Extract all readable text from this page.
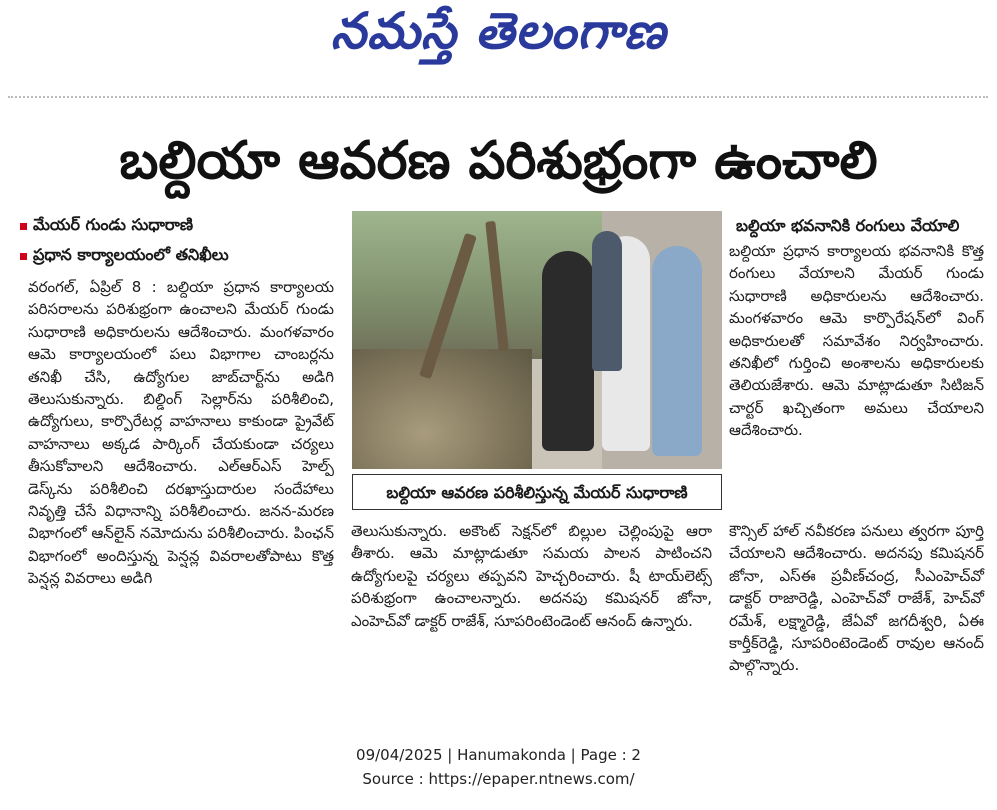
నమస్తే తెలంగాణ
బల్దియా ఆవరణ పరిశుభ్రంగా ఉంచాలి
మేయర్ గుండు సుధారాణి
ప్రధాన కార్యాలయంలో తనిఖీలు

వరంగల్, ఏప్రిల్ 8 : బల్దియా ప్రధాన కార్యాలయ పరిసరాలను పరిశుభ్రంగా ఉంచాలని మేయర్ గుండు సుధారాణి అధికారులను ఆదేశించారు. మంగళవారం ఆమె కార్యాలయంలో పలు విభాగాల చాంబర్లను తనిఖీ చేసి, ఉద్యోగుల జాబ్‌చార్ట్‌ను అడిగి తెలుసుకున్నారు. బిల్డింగ్ సెల్లార్‌ను పరిశీలించి, ఉద్యోగులు, కార్పొరేటర్ల వాహనాలు కాకుండా ప్రైవేట్ వాహనాలు అక్కడ పార్కింగ్ చేయకుండా చర్యలు తీసుకోవాలని ఆదేశించారు. ఎల్ఆర్ఎస్ హెల్ప్ డెస్క్‌ను పరిశీలించి దరఖాస్తుదారుల సందేహాలు నివృత్తి చేసే విధానాన్ని పరిశీలించారు. జనన-మరణ విభాగంలో ఆన్‌లైన్ నమోదును పరిశీలించారు. పింఛన్ విభాగంలో అందిస్తున్న పెన్షన్ల వివరాలతోపాటు కొత్త పెన్షన్ల వివరాలు అడిగి

బల్దియా ఆవరణ పరిశీలిస్తున్న మేయర్ సుధారాణి

తెలుసుకున్నారు. అకౌంట్ సెక్షన్‌లో బిల్లుల చెల్లింపుపై ఆరా తీశారు. ఆమె మాట్లాడుతూ సమయ పాలన పాటించని ఉద్యోగులపై చర్యలు తప్పవని హెచ్చరించారు. షీ టాయ్‌లెట్స్ పరిశుభ్రంగా ఉంచాలన్నారు. అదనపు కమిషనర్ జోనా, ఎంహెచ్‌వో డాక్టర్ రాజేశ్, సూపరింటెండెంట్ ఆనంద్ ఉన్నారు.

బల్దియా భవనానికి రంగులు వేయాలి

బల్దియా ప్రధాన కార్యాలయ భవనానికి కొత్త రంగులు వేయాలని మేయర్ గుండు సుధారాణి అధికారులను ఆదేశించారు. మంగళవారం ఆమె కార్పొరేషన్‌లో వింగ్ అధికారులతో సమావేశం నిర్వహించారు. తనిఖీలో గుర్తించి అంశాలను అధికారులకు తెలియజేశారు. ఆమె మాట్లాడుతూ సిటిజన్ చార్టర్ ఖచ్చితంగా అమలు చేయాలని ఆదేశించారు.

కౌన్సిల్ హాల్ నవీకరణ పనులు త్వరగా పూర్తి చేయాలని ఆదేశించారు. అదనపు కమిషనర్ జోనా, ఎస్ఈ ప్రవీణ్‌చంద్ర, సీఎంహెచ్‌వో డాక్టర్ రాజారెడ్డి, ఎంహెచ్‌వో రాజేశ్, హెచ్‌వో రమేశ్, లక్ష్మారెడ్డి, జేఏవో జగదీశ్వరి, ఏఈ కార్తీక్‌రెడ్డి, సూపరింటెండెంట్ రావుల ఆనంద్ పాల్గొన్నారు.

09/04/2025 | Hanumakonda | Page : 2
Source : https://epaper.ntnews.com/
